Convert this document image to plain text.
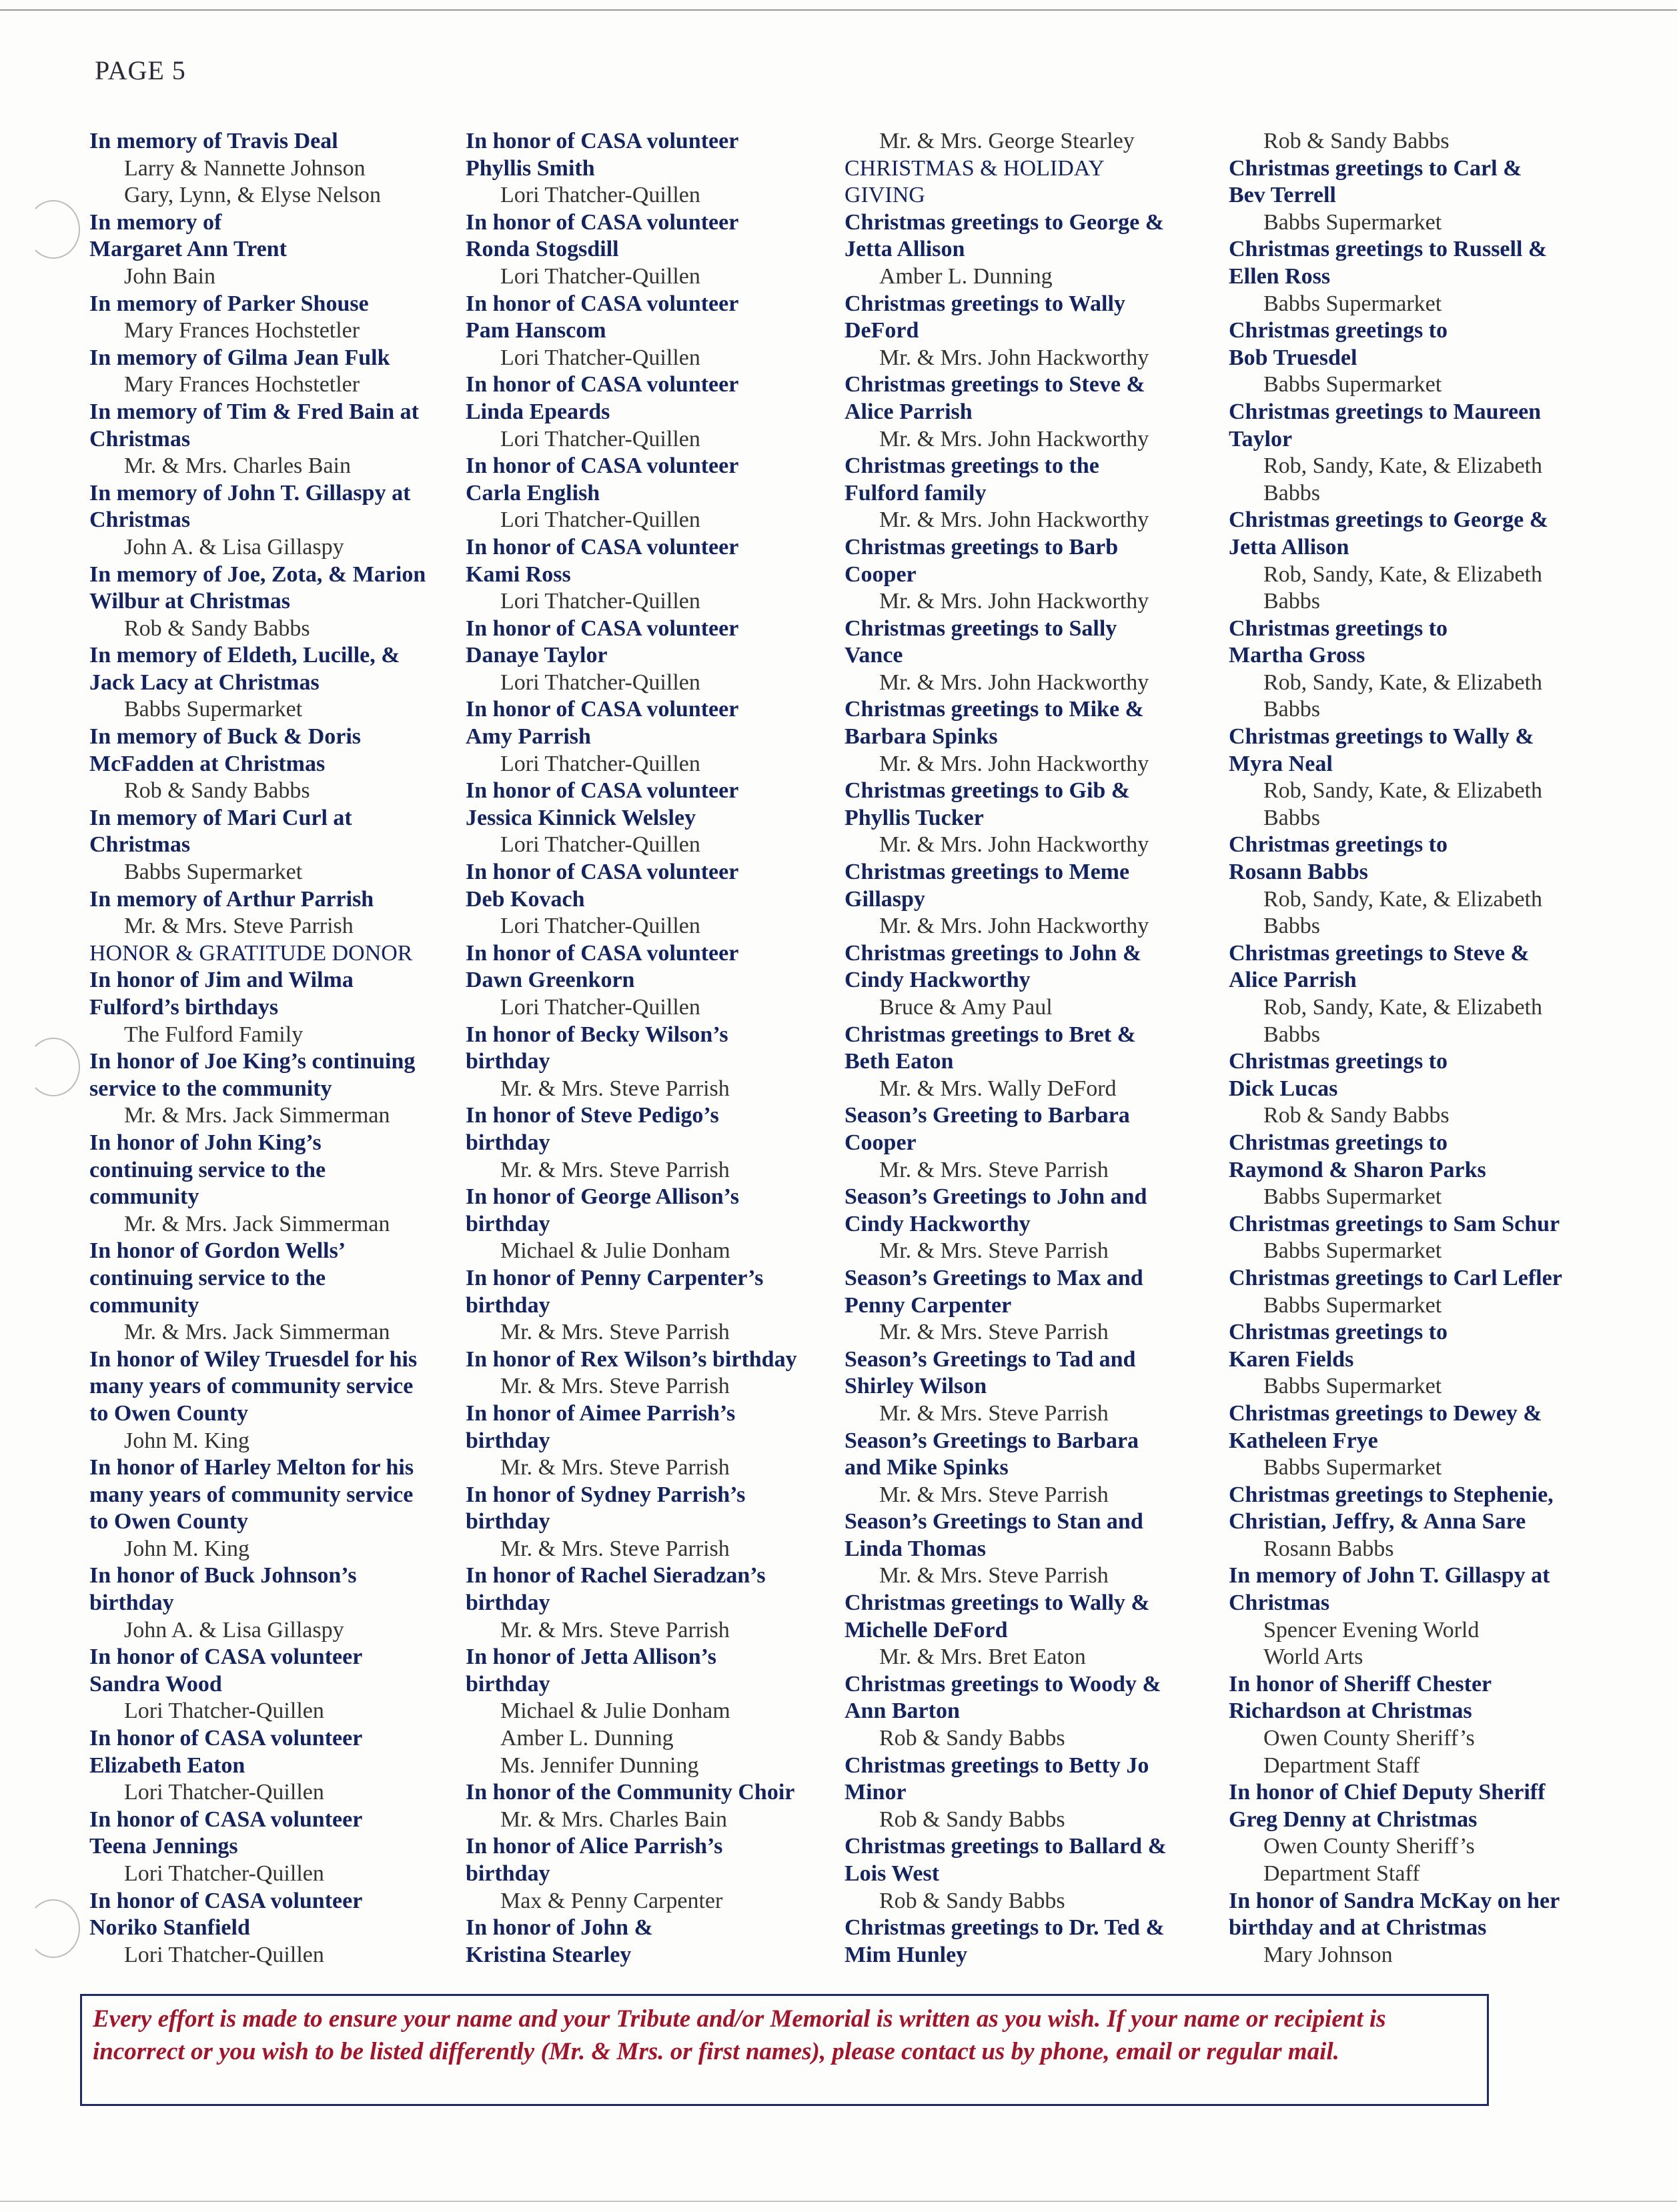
PAGE 5
In memory of Travis Deal
Larry & Nannette Johnson
Gary, Lynn, & Elyse Nelson
In memory of
Margaret Ann Trent
John Bain
In memory of Parker Shouse
Mary Frances Hochstetler
In memory of Gilma Jean Fulk
Mary Frances Hochstetler
In memory of Tim & Fred Bain at
Christmas
Mr. & Mrs. Charles Bain
In memory of John T. Gillaspy at
Christmas
John A. & Lisa Gillaspy
In memory of Joe, Zota, & Marion
Wilbur at Christmas
Rob & Sandy Babbs
In memory of Eldeth, Lucille, &
Jack Lacy at Christmas
Babbs Supermarket
In memory of Buck & Doris
McFadden at Christmas
Rob & Sandy Babbs
In memory of Mari Curl at
Christmas
Babbs Supermarket
In memory of Arthur Parrish
Mr. & Mrs. Steve Parrish
HONOR & GRATITUDE DONOR
In honor of Jim and Wilma
Fulford’s birthdays
The Fulford Family
In honor of Joe King’s continuing
service to the community
Mr. & Mrs. Jack Simmerman
In honor of John King’s
continuing service to the
community
Mr. & Mrs. Jack Simmerman
In honor of Gordon Wells’
continuing service to the
community
Mr. & Mrs. Jack Simmerman
In honor of Wiley Truesdel for his
many years of community service
to Owen County
John M. King
In honor of Harley Melton for his
many years of community service
to Owen County
John M. King
In honor of Buck Johnson’s
birthday
John A. & Lisa Gillaspy
In honor of CASA volunteer
Sandra Wood
Lori Thatcher-Quillen
In honor of CASA volunteer
Elizabeth Eaton
Lori Thatcher-Quillen
In honor of CASA volunteer
Teena Jennings
Lori Thatcher-Quillen
In honor of CASA volunteer
Noriko Stanfield
Lori Thatcher-Quillen
In honor of CASA volunteer
Phyllis Smith
Lori Thatcher-Quillen
In honor of CASA volunteer
Ronda Stogsdill
Lori Thatcher-Quillen
In honor of CASA volunteer
Pam Hanscom
Lori Thatcher-Quillen
In honor of CASA volunteer
Linda Epeards
Lori Thatcher-Quillen
In honor of CASA volunteer
Carla English
Lori Thatcher-Quillen
In honor of CASA volunteer
Kami Ross
Lori Thatcher-Quillen
In honor of CASA volunteer
Danaye Taylor
Lori Thatcher-Quillen
In honor of CASA volunteer
Amy Parrish
Lori Thatcher-Quillen
In honor of CASA volunteer
Jessica Kinnick Welsley
Lori Thatcher-Quillen
In honor of CASA volunteer
Deb Kovach
Lori Thatcher-Quillen
In honor of CASA volunteer
Dawn Greenkorn
Lori Thatcher-Quillen
In honor of Becky Wilson’s
birthday
Mr. & Mrs. Steve Parrish
In honor of Steve Pedigo’s
birthday
Mr. & Mrs. Steve Parrish
In honor of George Allison’s
birthday
Michael & Julie Donham
In honor of Penny Carpenter’s
birthday
Mr. & Mrs. Steve Parrish
In honor of Rex Wilson’s birthday
Mr. & Mrs. Steve Parrish
In honor of Aimee Parrish’s
birthday
Mr. & Mrs. Steve Parrish
In honor of Sydney Parrish’s
birthday
Mr. & Mrs. Steve Parrish
In honor of Rachel Sieradzan’s
birthday
Mr. & Mrs. Steve Parrish
In honor of Jetta Allison’s
birthday
Michael & Julie Donham
Amber L. Dunning
Ms. Jennifer Dunning
In honor of the Community Choir
Mr. & Mrs. Charles Bain
In honor of Alice Parrish’s
birthday
Max & Penny Carpenter
In honor of John &
Kristina Stearley
Mr. & Mrs. George Stearley
CHRISTMAS & HOLIDAY
GIVING
Christmas greetings to George &
Jetta Allison
Amber L. Dunning
Christmas greetings to Wally
DeFord
Mr. & Mrs. John Hackworthy
Christmas greetings to Steve &
Alice Parrish
Mr. & Mrs. John Hackworthy
Christmas greetings to the
Fulford family
Mr. & Mrs. John Hackworthy
Christmas greetings to Barb
Cooper
Mr. & Mrs. John Hackworthy
Christmas greetings to Sally
Vance
Mr. & Mrs. John Hackworthy
Christmas greetings to Mike &
Barbara Spinks
Mr. & Mrs. John Hackworthy
Christmas greetings to Gib &
Phyllis Tucker
Mr. & Mrs. John Hackworthy
Christmas greetings to Meme
Gillaspy
Mr. & Mrs. John Hackworthy
Christmas greetings to John &
Cindy Hackworthy
Bruce & Amy Paul
Christmas greetings to Bret &
Beth Eaton
Mr. & Mrs. Wally DeFord
Season’s Greeting to Barbara
Cooper
Mr. & Mrs. Steve Parrish
Season’s Greetings to John and
Cindy Hackworthy
Mr. & Mrs. Steve Parrish
Season’s Greetings to Max and
Penny Carpenter
Mr. & Mrs. Steve Parrish
Season’s Greetings to Tad and
Shirley Wilson
Mr. & Mrs. Steve Parrish
Season’s Greetings to Barbara
and Mike Spinks
Mr. & Mrs. Steve Parrish
Season’s Greetings to Stan and
Linda Thomas
Mr. & Mrs. Steve Parrish
Christmas greetings to Wally &
Michelle DeFord
Mr. & Mrs. Bret Eaton
Christmas greetings to Woody &
Ann Barton
Rob & Sandy Babbs
Christmas greetings to Betty Jo
Minor
Rob & Sandy Babbs
Christmas greetings to Ballard &
Lois West
Rob & Sandy Babbs
Christmas greetings to Dr. Ted &
Mim Hunley
Rob & Sandy Babbs
Christmas greetings to Carl &
Bev Terrell
Babbs Supermarket
Christmas greetings to Russell &
Ellen Ross
Babbs Supermarket
Christmas greetings to
Bob Truesdel
Babbs Supermarket
Christmas greetings to Maureen
Taylor
Rob, Sandy, Kate, & Elizabeth
Babbs
Christmas greetings to George &
Jetta Allison
Rob, Sandy, Kate, & Elizabeth
Babbs
Christmas greetings to
Martha Gross
Rob, Sandy, Kate, & Elizabeth
Babbs
Christmas greetings to Wally &
Myra Neal
Rob, Sandy, Kate, & Elizabeth
Babbs
Christmas greetings to
Rosann Babbs
Rob, Sandy, Kate, & Elizabeth
Babbs
Christmas greetings to Steve &
Alice Parrish
Rob, Sandy, Kate, & Elizabeth
Babbs
Christmas greetings to
Dick Lucas
Rob & Sandy Babbs
Christmas greetings to
Raymond & Sharon Parks
Babbs Supermarket
Christmas greetings to Sam Schur
Babbs Supermarket
Christmas greetings to Carl Lefler
Babbs Supermarket
Christmas greetings to
Karen Fields
Babbs Supermarket
Christmas greetings to Dewey &
Katheleen Frye
Babbs Supermarket
Christmas greetings to Stephenie,
Christian, Jeffry, & Anna Sare
Rosann Babbs
In memory of John T. Gillaspy at
Christmas
Spencer Evening World
World Arts
In honor of Sheriff Chester
Richardson at Christmas
Owen County Sheriff’s
Department Staff
In honor of Chief Deputy Sheriff
Greg Denny at Christmas
Owen County Sheriff’s
Department Staff
In honor of Sandra McKay on her
birthday and at Christmas
Mary Johnson
Every effort is made to ensure your name and your Tribute and/or Memorial is written as you wish. If your name or recipient is incorrect or you wish to be listed differently (Mr. & Mrs. or first names), please contact us by phone, email or regular mail.
